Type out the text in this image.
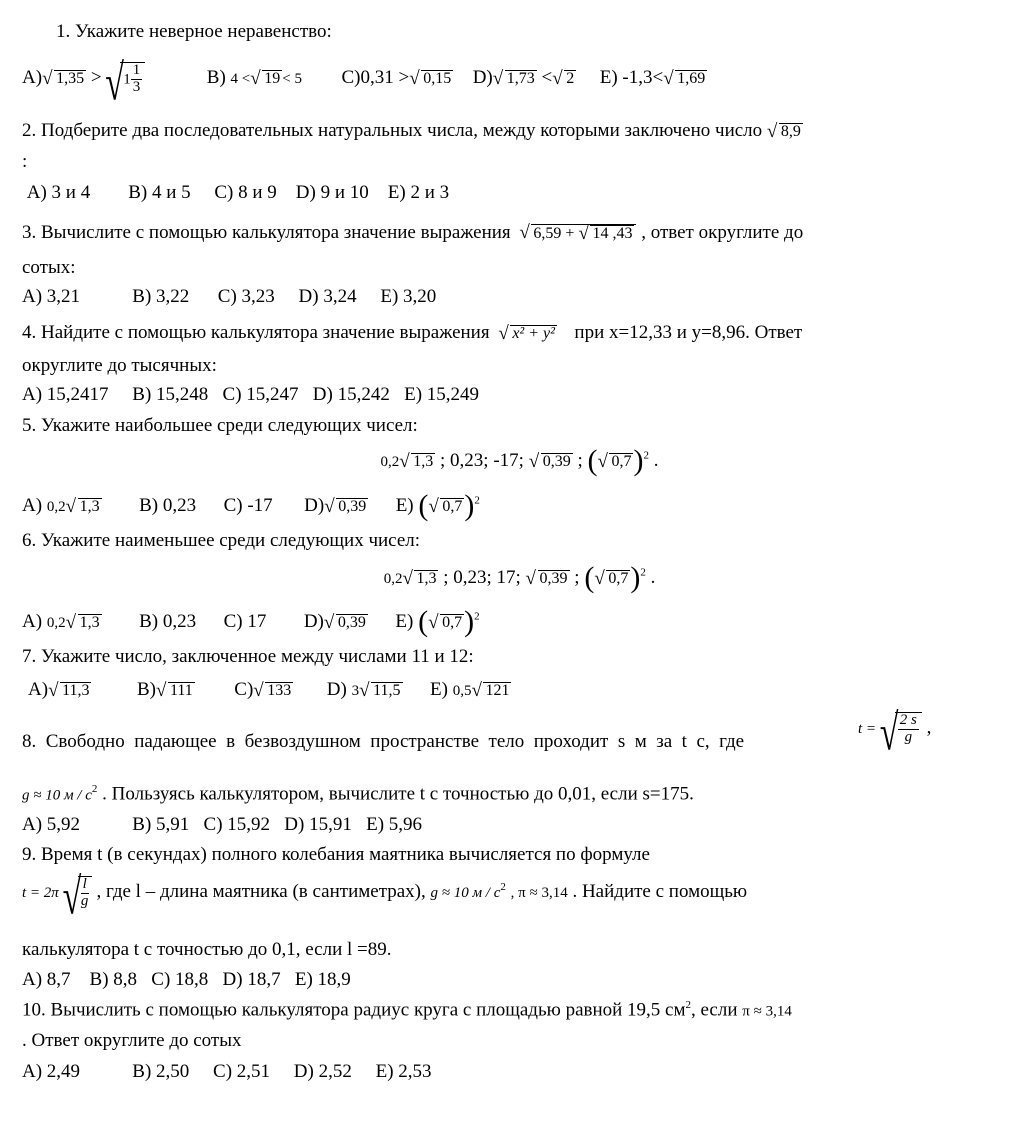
1. Укажите неверное неравенство:
А) √ 1,35 > √ $1 \frac{1}{3}$	В) 4 < √ 19 < 5 С)0,31 > √ 0,15 D) √ 1,73 < √ 2 Е) -1,3< √ 1,69
2. Подберите два последовательных натуральных числа, между которыми заключено число √ 8,9
:
А) 3 и 4        В) 4 и 5     С) 8 и 9    D) 9 и 10    Е) 2 и 3
3. Вычислите с помощью калькулятора значение выражения √ 6,59 + √ 14 ,43 , ответ округлите до
сотых:
А) 3,21           В) 3,22      С) 3,23     D) 3,24     Е) 3,20
4. Найдите с помощью калькулятора значение выражения √ x² + y² при x=12,33 и y=8,96. Ответ
округлите до тысячных:
А) 15,2417     В) 15,248   С) 15,247   D) 15,242   Е) 15,249
5. Укажите наибольшее среди следующих чисел:
0,2 √ 1,3 ; 0,23; -17; √ 0,39 ; ( √ 0,7)$^2$ .
А) 0,2 √ 1,3 В) 0,23 С) -17 D) √ 0,39 Е) ( √ 0,7)$^2$
6. Укажите наименьшее среди следующих чисел:
0,2 √ 1,3 ; 0,23; 17; √ 0,39 ; ( √ 0,7)$^2$ .
А) 0,2 √ 1,3 В) 0,23 С) 17 D) √ 0,39 Е) ( √ 0,7)$^2$
7. Укажите число, заключенное между числами 11 и 12:
А) √ 11,3	В) √ 111 С) √ 133 D) 3 √ 11,5 Е) 0,5 √ 121
8.  Свободно  падающее  в  безвоздушном  пространстве  тело  проходит  s  м  за  t  с,  где
t = √ $\frac{2 s}{g}$ ,
g ≈ 10 м / $с^2$ . Пользуясь калькулятором, вычислите t с точностью до 0,01, если s=175.
А) 5,92           В) 5,91   С) 15,92   D) 15,91   Е) 5,96
9. Время t (в секундах) полного колебания маятника вычисляется по формуле
t = 2π √ $\frac{l}{g}$ , где l – длина маятника (в сантиметрах), g ≈ 10 м / $с^2$ , π ≈ 3,14 . Найдите с помощью
калькулятора t с точностью до 0,1, если l =89.
А) 8,7    В) 8,8   С) 18,8   D) 18,7   Е) 18,9
10. Вычислить с помощью калькулятора радиус круга с площадью равной 19,5 $см^2$, если π ≈ 3,14
. Ответ округлите до сотых
А) 2,49           В) 2,50     С) 2,51     D) 2,52     Е) 2,53
